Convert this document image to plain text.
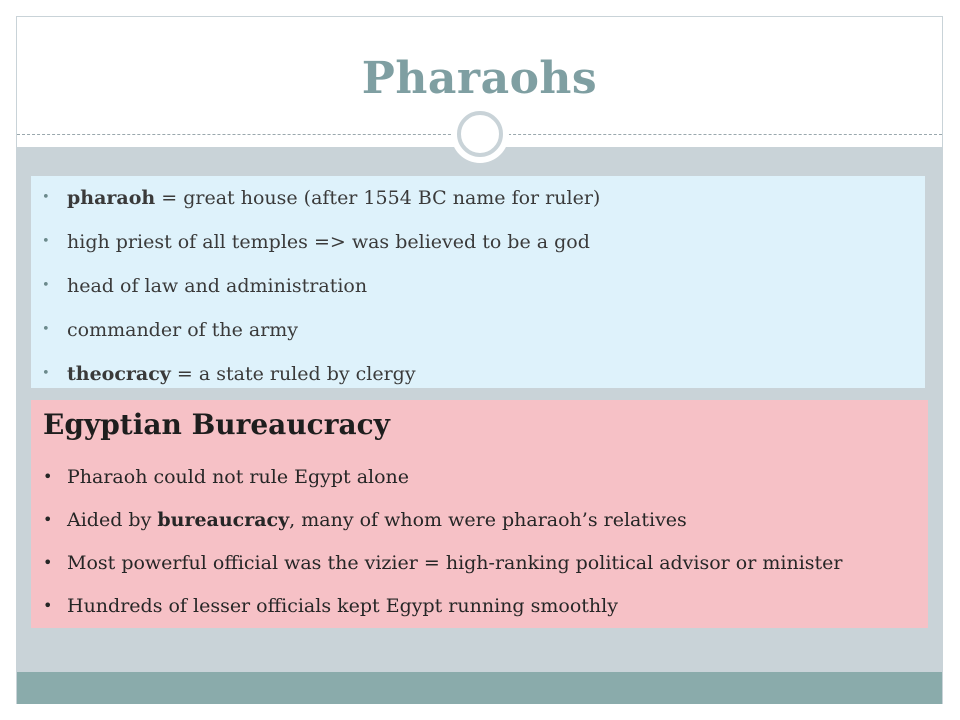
Pharaohs
• pharaoh = great house (after 1554 BC name for ruler)
• high priest of all temples => was believed to be a god
• head of law and administration
• commander of the army
• theocracy = a state ruled by clergy
Egyptian Bureaucracy
• Pharaoh could not rule Egypt alone
• Aided by bureaucracy, many of whom were pharaoh’s relatives
• Most powerful official was the vizier = high-ranking political advisor or minister
• Hundreds of lesser officials kept Egypt running smoothly
